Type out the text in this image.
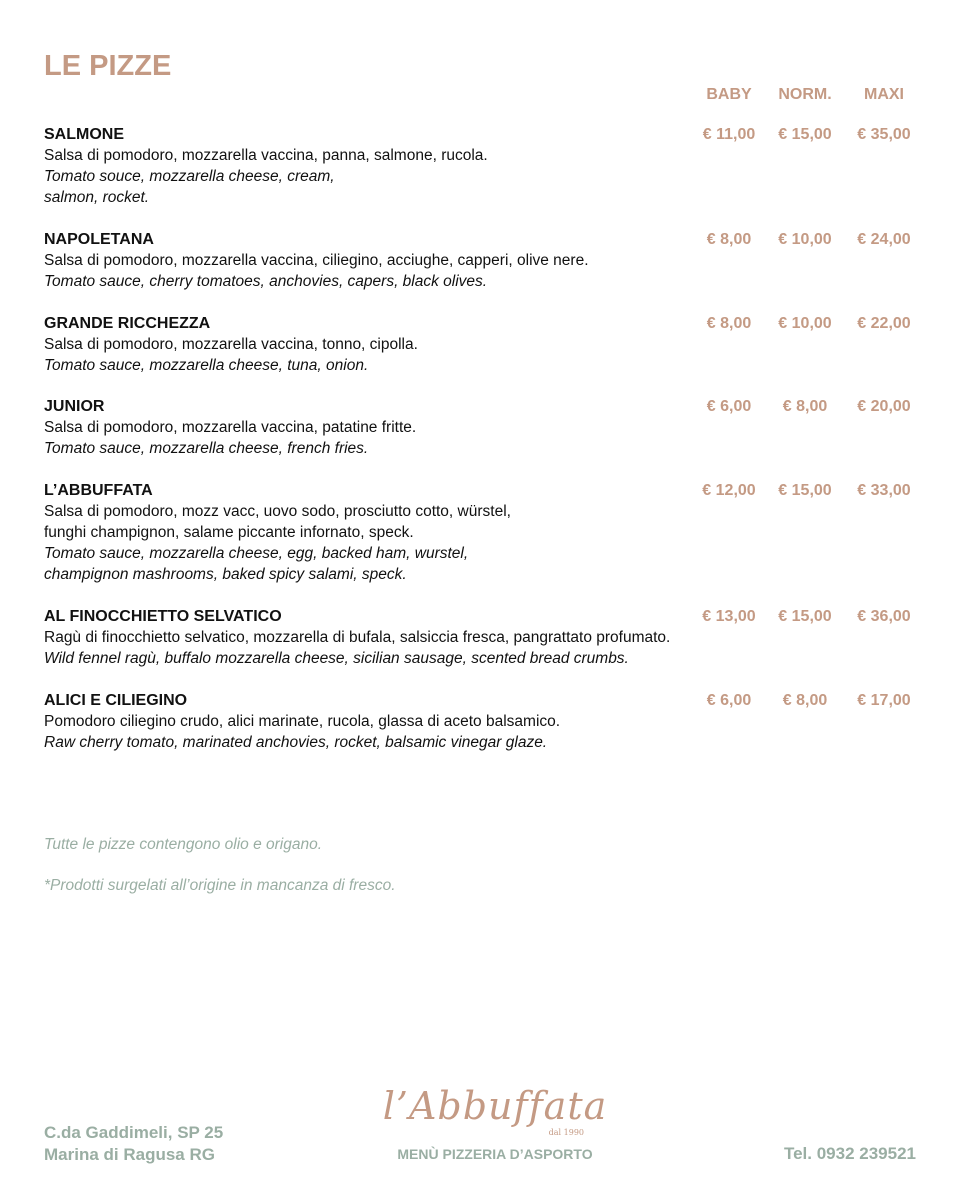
LE PIZZE
BABY	NORM.	MAXI
SALMONE
Salsa di pomodoro, mozzarella vaccina, panna, salmone, rucola.
Tomato souce, mozzarella cheese, cream,
salmon, rocket.
€ 11,00	€ 15,00	€ 35,00
NAPOLETANA
Salsa di pomodoro, mozzarella vaccina, ciliegino, acciughe, capperi, olive nere.
Tomato sauce, cherry tomatoes, anchovies, capers, black olives.
€ 8,00	€ 10,00	€ 24,00
GRANDE RICCHEZZA
Salsa di pomodoro, mozzarella vaccina, tonno, cipolla.
Tomato sauce, mozzarella cheese, tuna, onion.
€ 8,00	€ 10,00	€ 22,00
JUNIOR
Salsa di pomodoro, mozzarella vaccina, patatine fritte.
Tomato sauce, mozzarella cheese, french fries.
€ 6,00	€ 8,00	€ 20,00
L’ABBUFFATA
Salsa di pomodoro, mozz vacc, uovo sodo, prosciutto cotto, würstel,
funghi champignon, salame piccante infornato, speck.
Tomato sauce, mozzarella cheese, egg, backed ham, wurstel,
champignon mashrooms, baked spicy salami, speck.
€ 12,00	€ 15,00	€ 33,00
AL FINOCCHIETTO SELVATICO
Ragù di finocchietto selvatico, mozzarella di bufala, salsiccia fresca, pangrattato profumato.
Wild fennel ragù, buffalo mozzarella cheese, sicilian sausage, scented bread crumbs.
€ 13,00	€ 15,00	€ 36,00
ALICI E CILIEGINO
Pomodoro ciliegino crudo, alici marinate, rucola, glassa di aceto balsamico.
Raw cherry tomato, marinated anchovies, rocket, balsamic vinegar glaze.
€ 6,00	€ 8,00	€ 17,00
Tutte le pizze contengono olio e origano.
*Prodotti surgelati all’origine in mancanza di fresco.
C.da Gaddimeli, SP 25
Marina di Ragusa RG
l’Abbuffata
dal 1990
MENÙ PIZZERIA D’ASPORTO	Tel. 0932 239521
